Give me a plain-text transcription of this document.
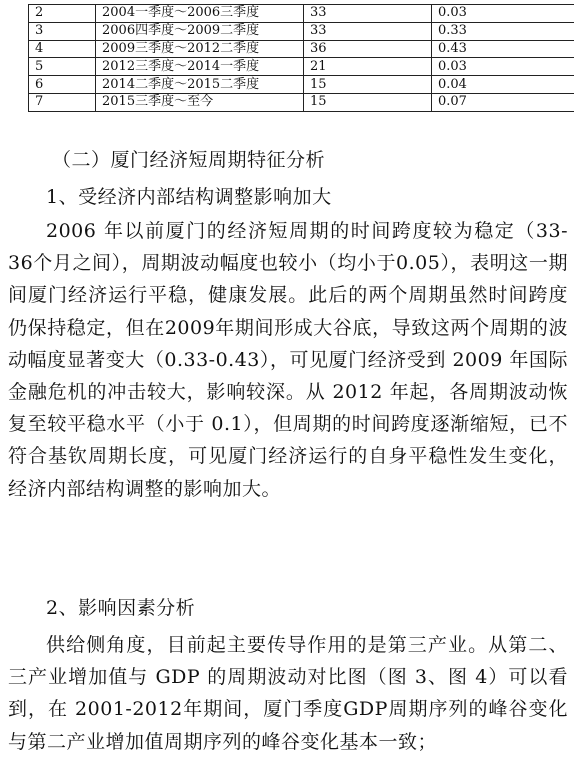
2	2004一季度～2006三季度	33	0.03
3	2006四季度～2009二季度	33	0.33
4	2009三季度～2012二季度	36	0.43
5	2012三季度～2014一季度	21	0.03
6	2014二季度～2015二季度	15	0.04
7	2015三季度～至今	15	0.07
（二）厦门经济短周期特征分析
1、受经济内部结构调整影响加大

2006 年以前厦门的经济短周期的时间跨度较为稳定（33-36个月之间），周期波动幅度也较小（均小于0.05），表明这一期间厦门经济运行平稳，健康发展。此后的两个周期虽然时间跨度仍保持稳定，但在2009年期间形成大谷底，导致这两个周期的波动幅度显著变大（0.33-0.43），可见厦门经济受到 2009 年国际金融危机的冲击较大，影响较深。从 2012 年起，各周期波动恢复至较平稳水平（小于 0.1），但周期的时间跨度逐渐缩短，已不符合基钦周期长度，可见厦门经济运行的自身平稳性发生变化，经济内部结构调整的影响加大。

2、影响因素分析

供给侧角度，目前起主要传导作用的是第三产业。从第二、三产业增加值与 GDP 的周期波动对比图（图 3、图 4）可以看到，在 2001-2012年期间，厦门季度GDP周期序列的峰谷变化与第二产业增加值周期序列的峰谷变化基本一致；
